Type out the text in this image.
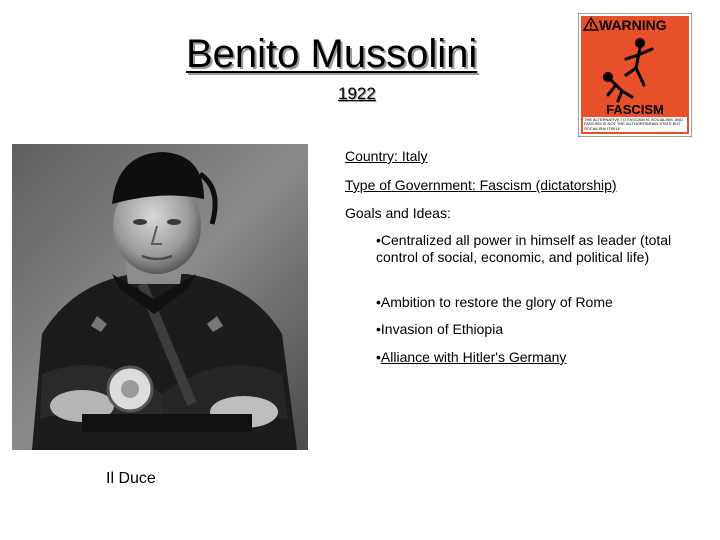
Benito Mussolini
1922
WARNING
FASCISM
THE ALTERNATIVE TO FASCISM IS SOCIALISM, AND FASCISM IS NOT THE AUTHORITARIAN STATE BUT SOCIALISM ITSELF
Il Duce
Country: Italy
Type of Government: Fascism (dictatorship)
Goals and Ideas:
•Centralized all power in himself as leader (total control of social, economic, and political life)
•Ambition to restore the glory of Rome
•Invasion of Ethiopia
•Alliance with Hitler's Germany
